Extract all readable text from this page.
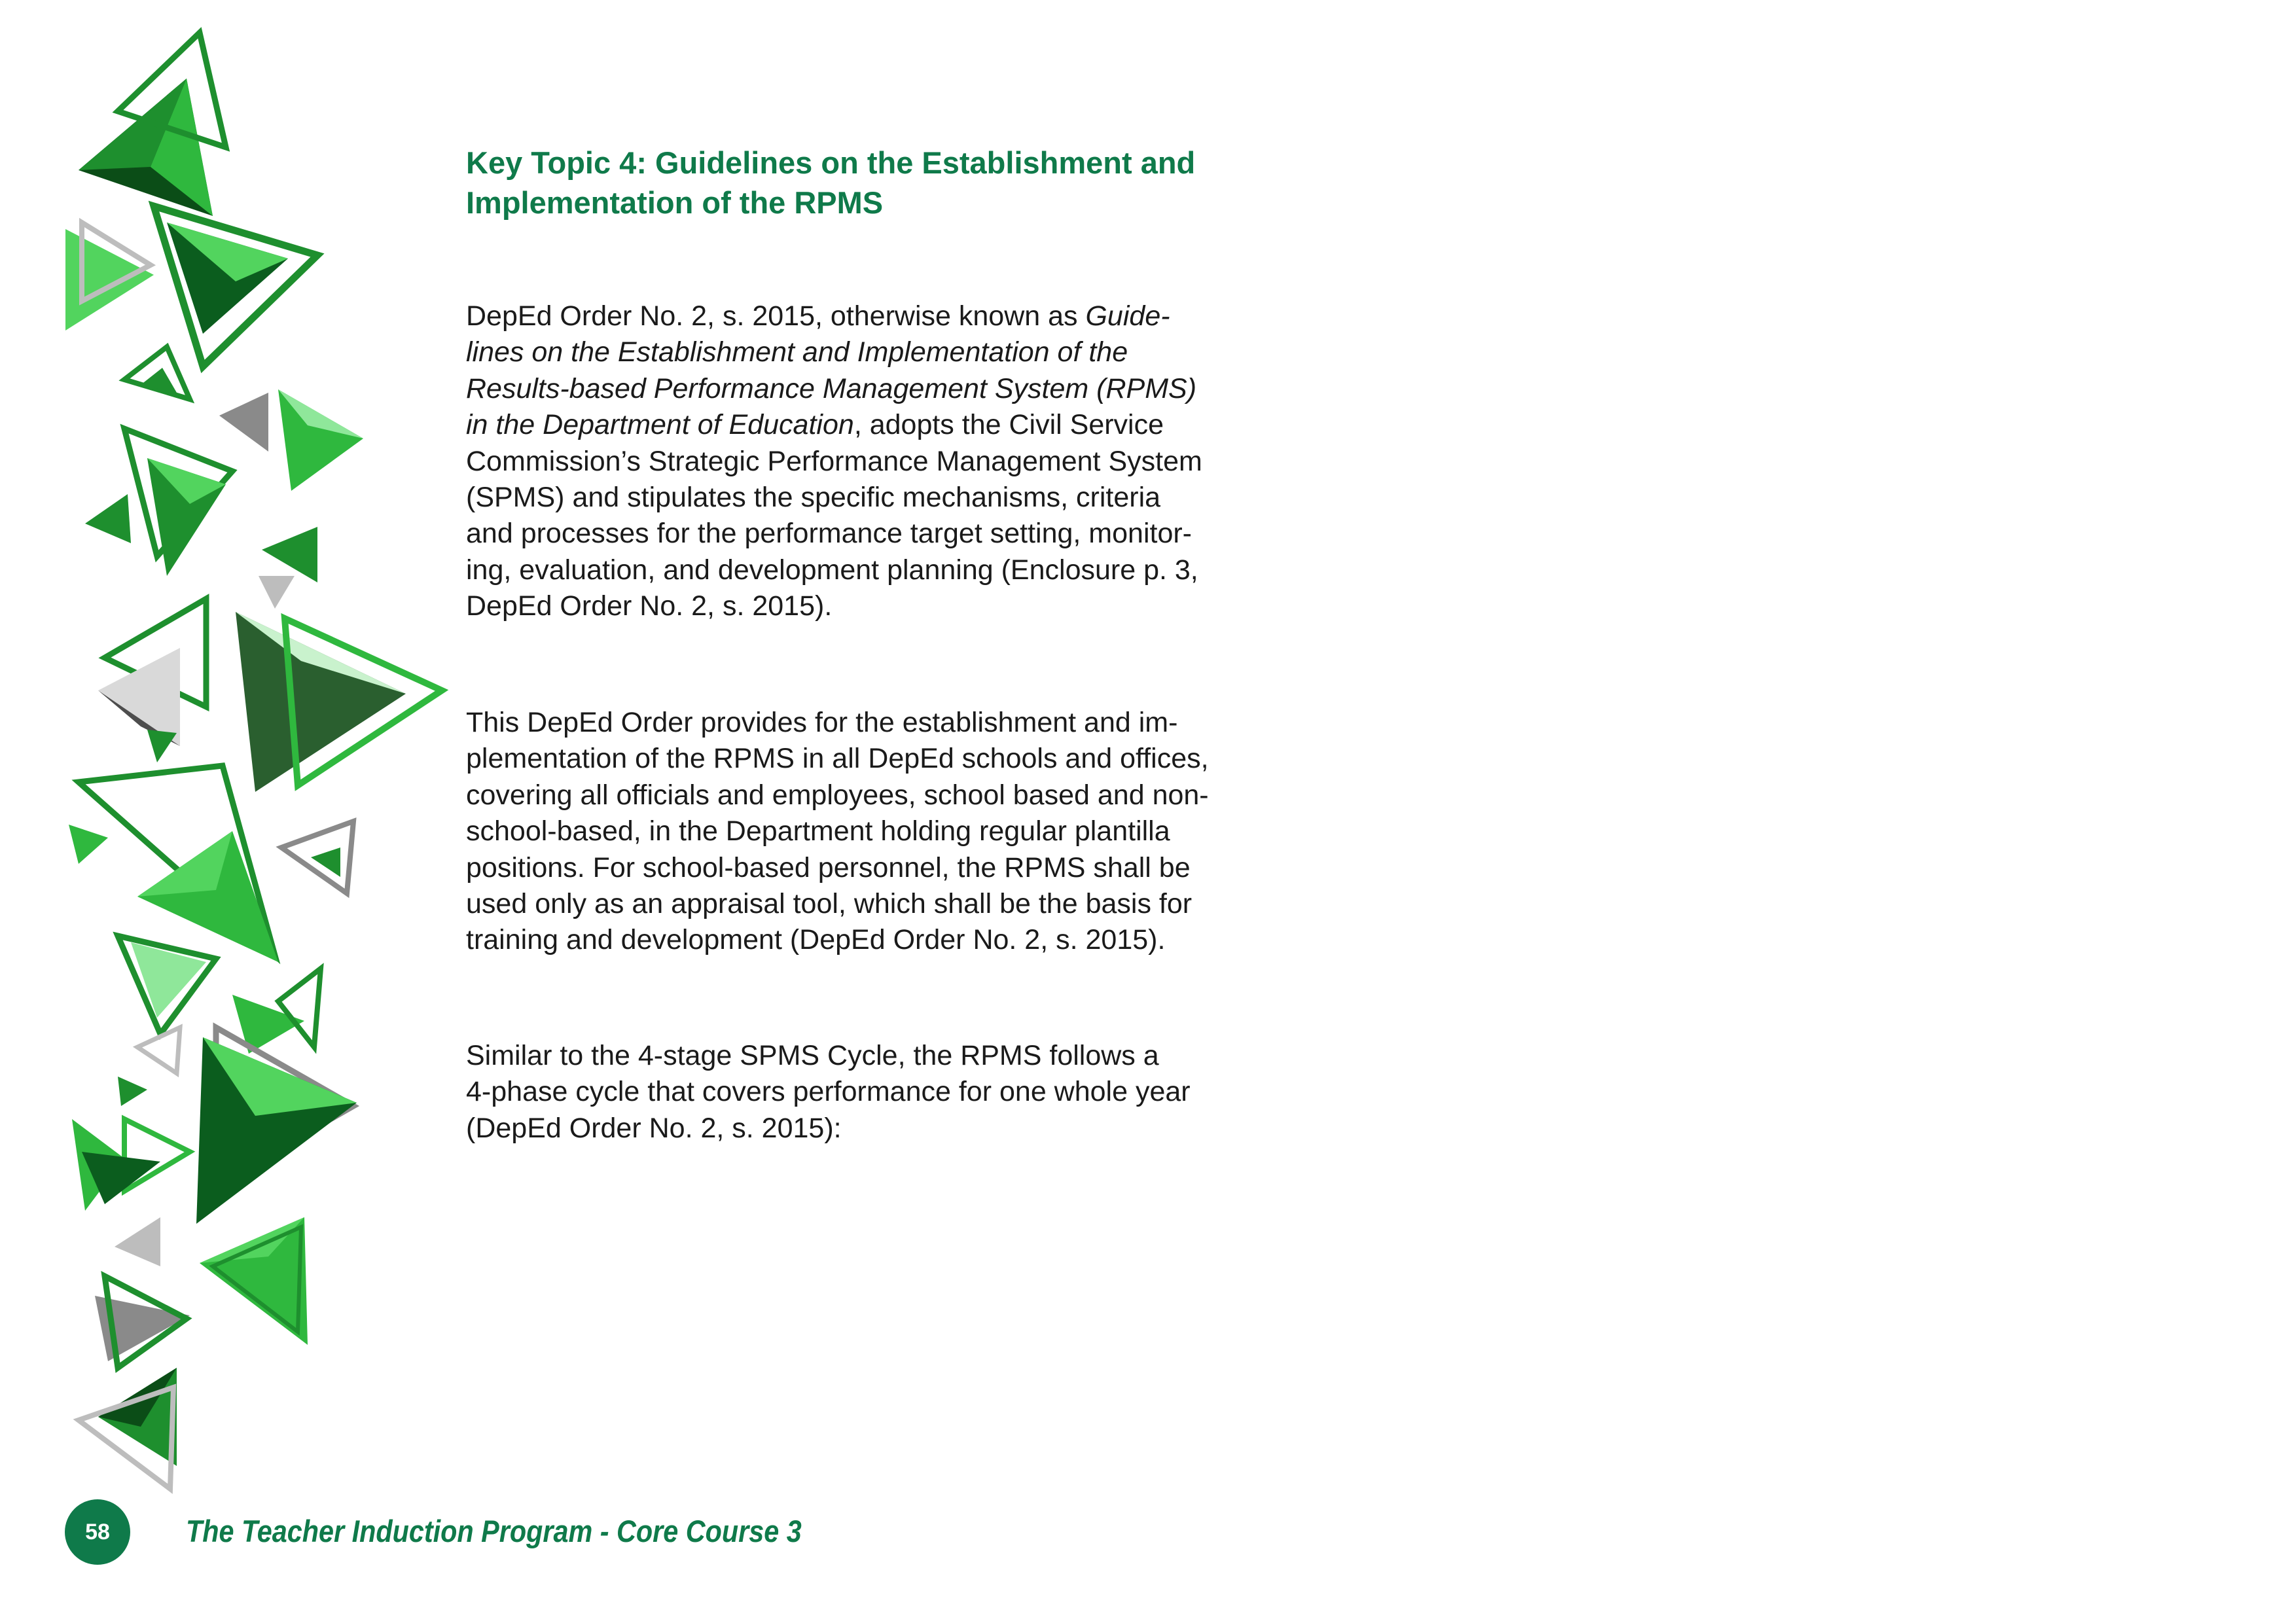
Key Topic 4: Guidelines on the Establishment and
Implementation of the RPMS

DepEd Order No. 2, s. 2015, otherwise known as Guide-
lines on the Establishment and Implementation of the
Results-based Performance Management System (RPMS)
in the Department of Education, adopts the Civil Service
Commission’s Strategic Performance Management System
(SPMS) and stipulates the specific mechanisms, criteria
and processes for the performance target setting, monitor-
ing, evaluation, and development planning (Enclosure p. 3,
DepEd Order No. 2, s. 2015).

This DepEd Order provides for the establishment and im-
plementation of the RPMS in all DepEd schools and offices,
covering all officials and employees, school based and non-
school-based, in the Department holding regular plantilla
positions. For school-based personnel, the RPMS shall be
used only as an appraisal tool, which shall be the basis for
training and development (DepEd Order No. 2, s. 2015).

Similar to the 4-stage SPMS Cycle, the RPMS follows a
4-phase cycle that covers performance for one whole year
(DepEd Order No. 2, s. 2015):

58	The Teacher Induction Program - Core Course 3
